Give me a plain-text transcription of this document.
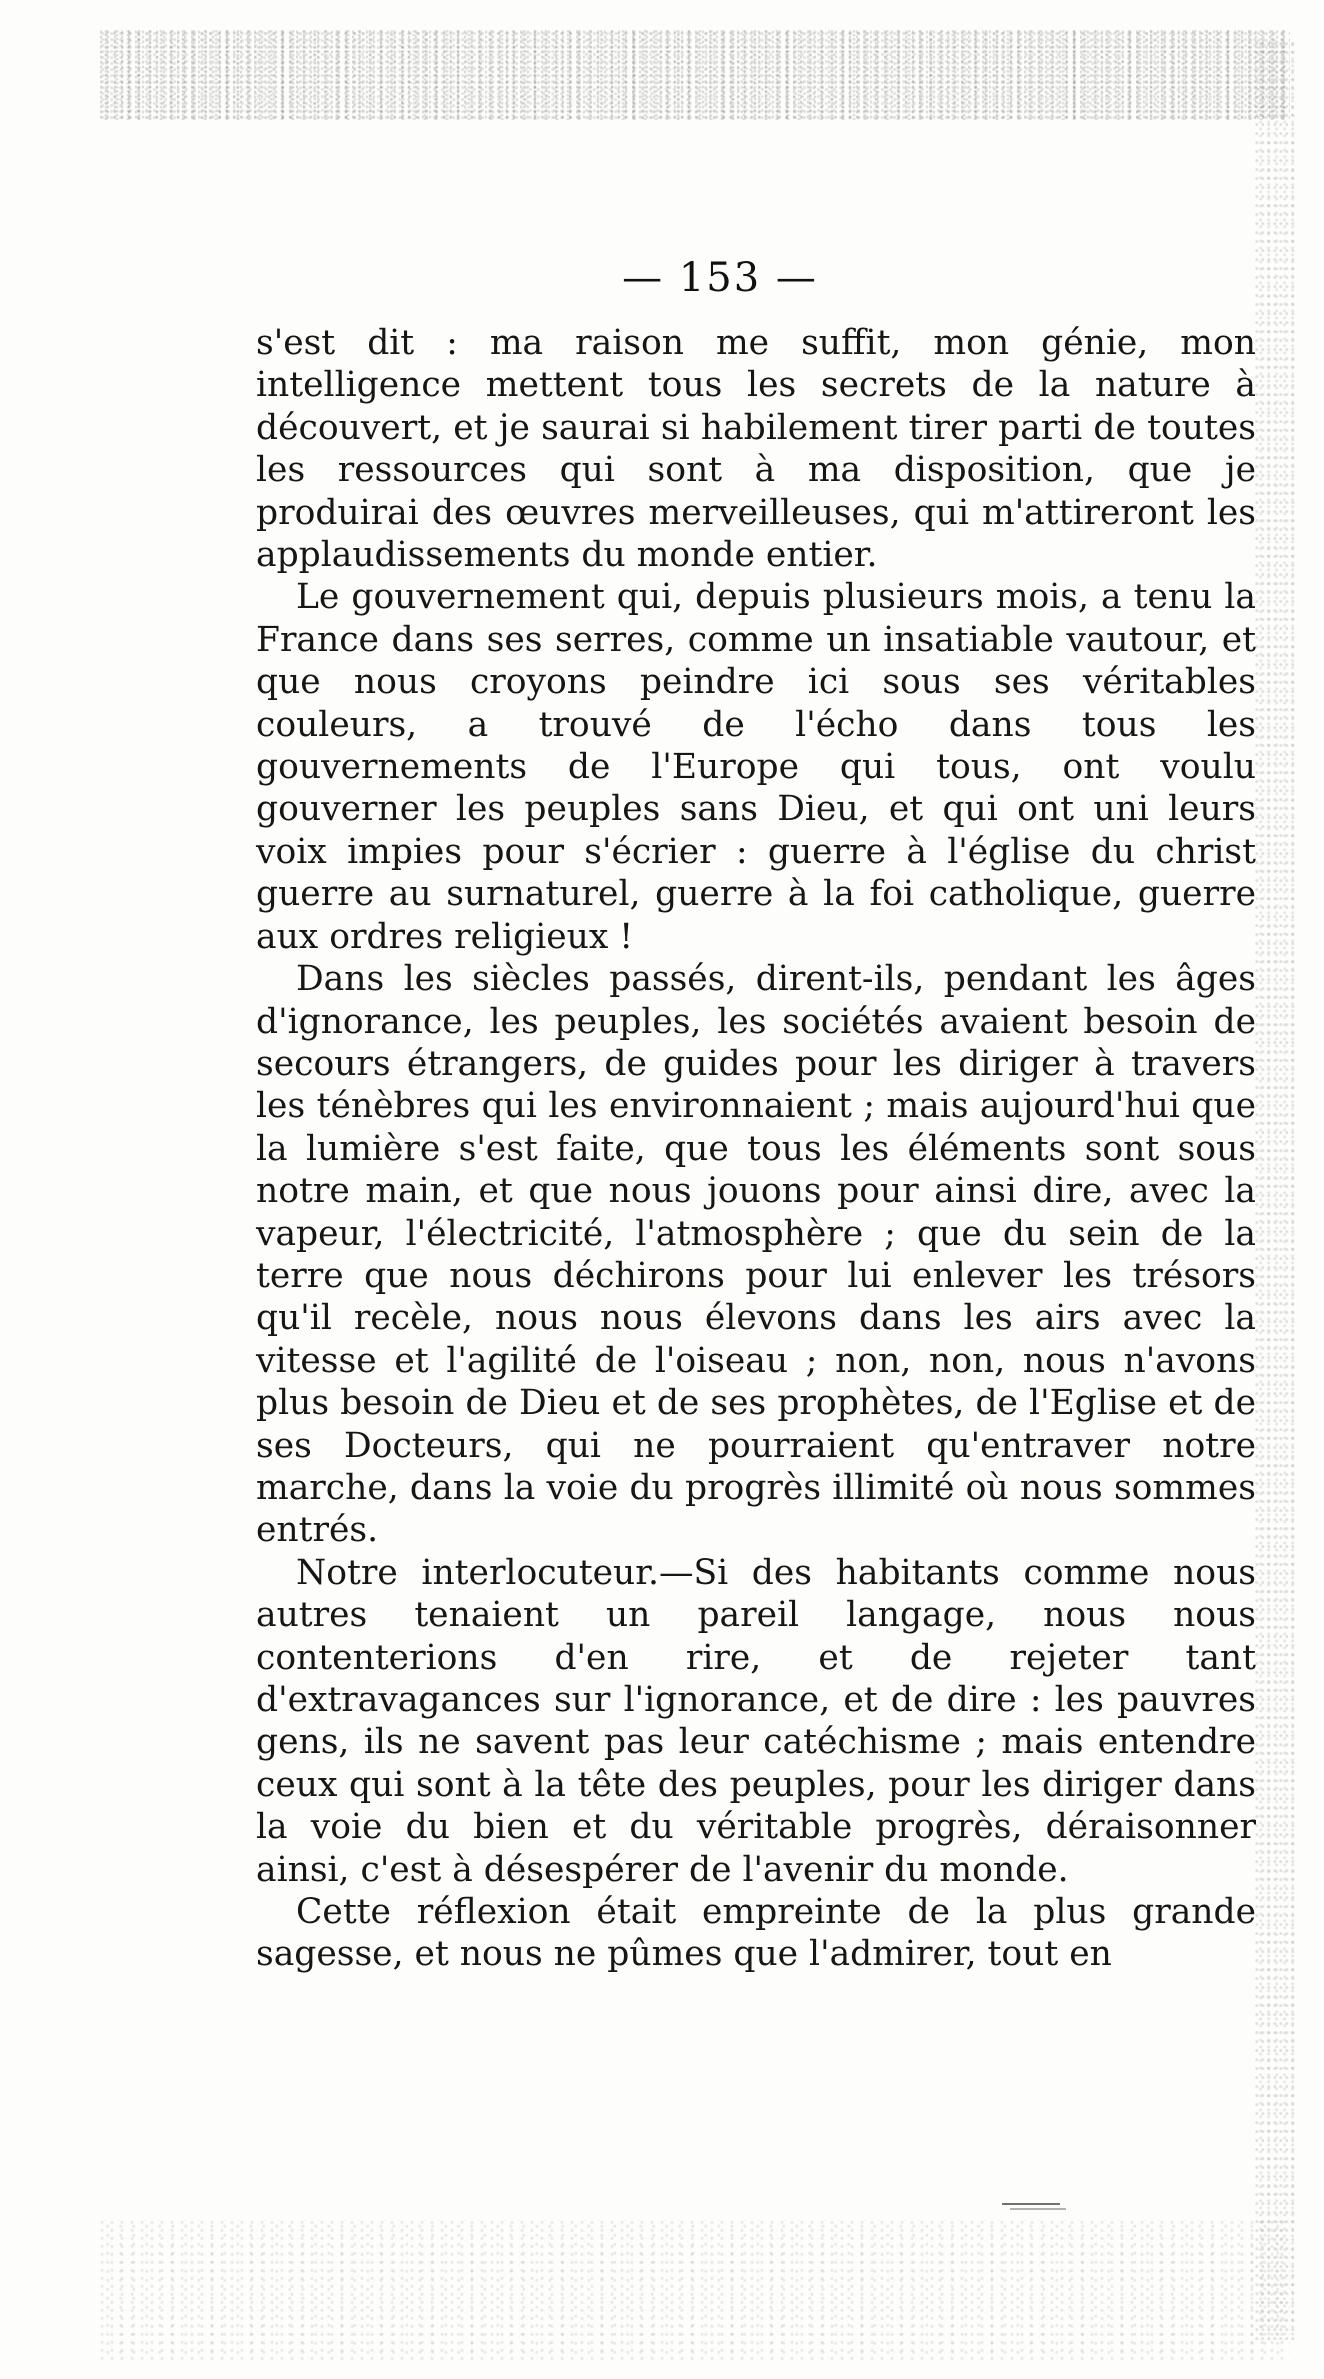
— 153 —

s'est dit : ma raison me suffit, mon génie, mon intelligence mettent tous les secrets de la nature à découvert, et je saurai si habilement tirer parti de toutes les ressources qui sont à ma disposition, que je produirai des œuvres merveilleuses, qui m'attireront les applaudissements du monde entier.

Le gouvernement qui, depuis plusieurs mois, a tenu la France dans ses serres, comme un insatiable vautour, et que nous croyons peindre ici sous ses véritables couleurs, a trouvé de l'écho dans tous les gouvernements de l'Europe qui tous, ont voulu gouverner les peuples sans Dieu, et qui ont uni leurs voix impies pour s'écrier : guerre à l'église du christ guerre au surnaturel, guerre à la foi catholique, guerre aux ordres religieux !

Dans les siècles passés, dirent-ils, pendant les âges d'ignorance, les peuples, les sociétés avaient besoin de secours étrangers, de guides pour les diriger à travers les ténèbres qui les environnaient ; mais aujourd'hui que la lumière s'est faite, que tous les éléments sont sous notre main, et que nous jouons pour ainsi dire, avec la vapeur, l'électricité, l'atmosphère ; que du sein de la terre que nous déchirons pour lui enlever les trésors qu'il recèle, nous nous élevons dans les airs avec la vitesse et l'agilité de l'oiseau ; non, non, nous n'avons plus besoin de Dieu et de ses prophètes, de l'Eglise et de ses Docteurs, qui ne pourraient qu'entraver notre marche, dans la voie du progrès illimité où nous sommes entrés.

Notre interlocuteur.—Si des habitants comme nous autres tenaient un pareil langage, nous nous contenterions d'en rire, et de rejeter tant d'extravagances sur l'ignorance, et de dire : les pauvres gens, ils ne savent pas leur catéchisme ; mais entendre ceux qui sont à la tête des peuples, pour les diriger dans la voie du bien et du véritable progrès, déraisonner ainsi, c'est à désespérer de l'avenir du monde.

Cette réflexion était empreinte de la plus grande sagesse, et nous ne pûmes que l'admirer, tout en
